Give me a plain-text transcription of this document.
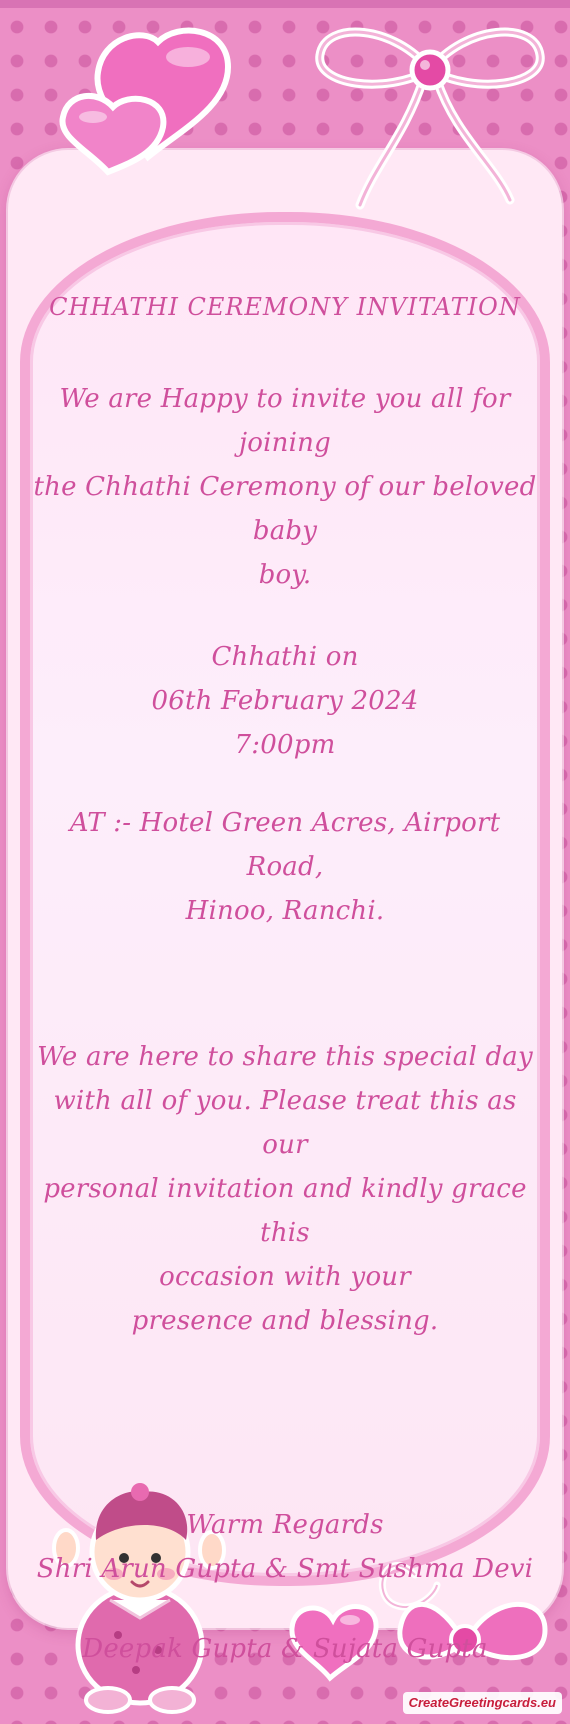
CHHATHI CEREMONY INVITATION

We are Happy to invite you all for joining

the Chhathi Ceremony of our beloved baby

boy.

Chhathi on

06th February 2024

7:00pm

AT :- Hotel Green Acres, Airport Road,

Hinoo, Ranchi.

We are here to share this special day

with all of you. Please treat this as our

personal invitation and kindly grace this

occasion with your

presence and blessing.

Warm Regards

Shri Arun Gupta & Smt Sushma Devi

Deepak Gupta & Sujata Gupta

CreateGreetingcards.eu
